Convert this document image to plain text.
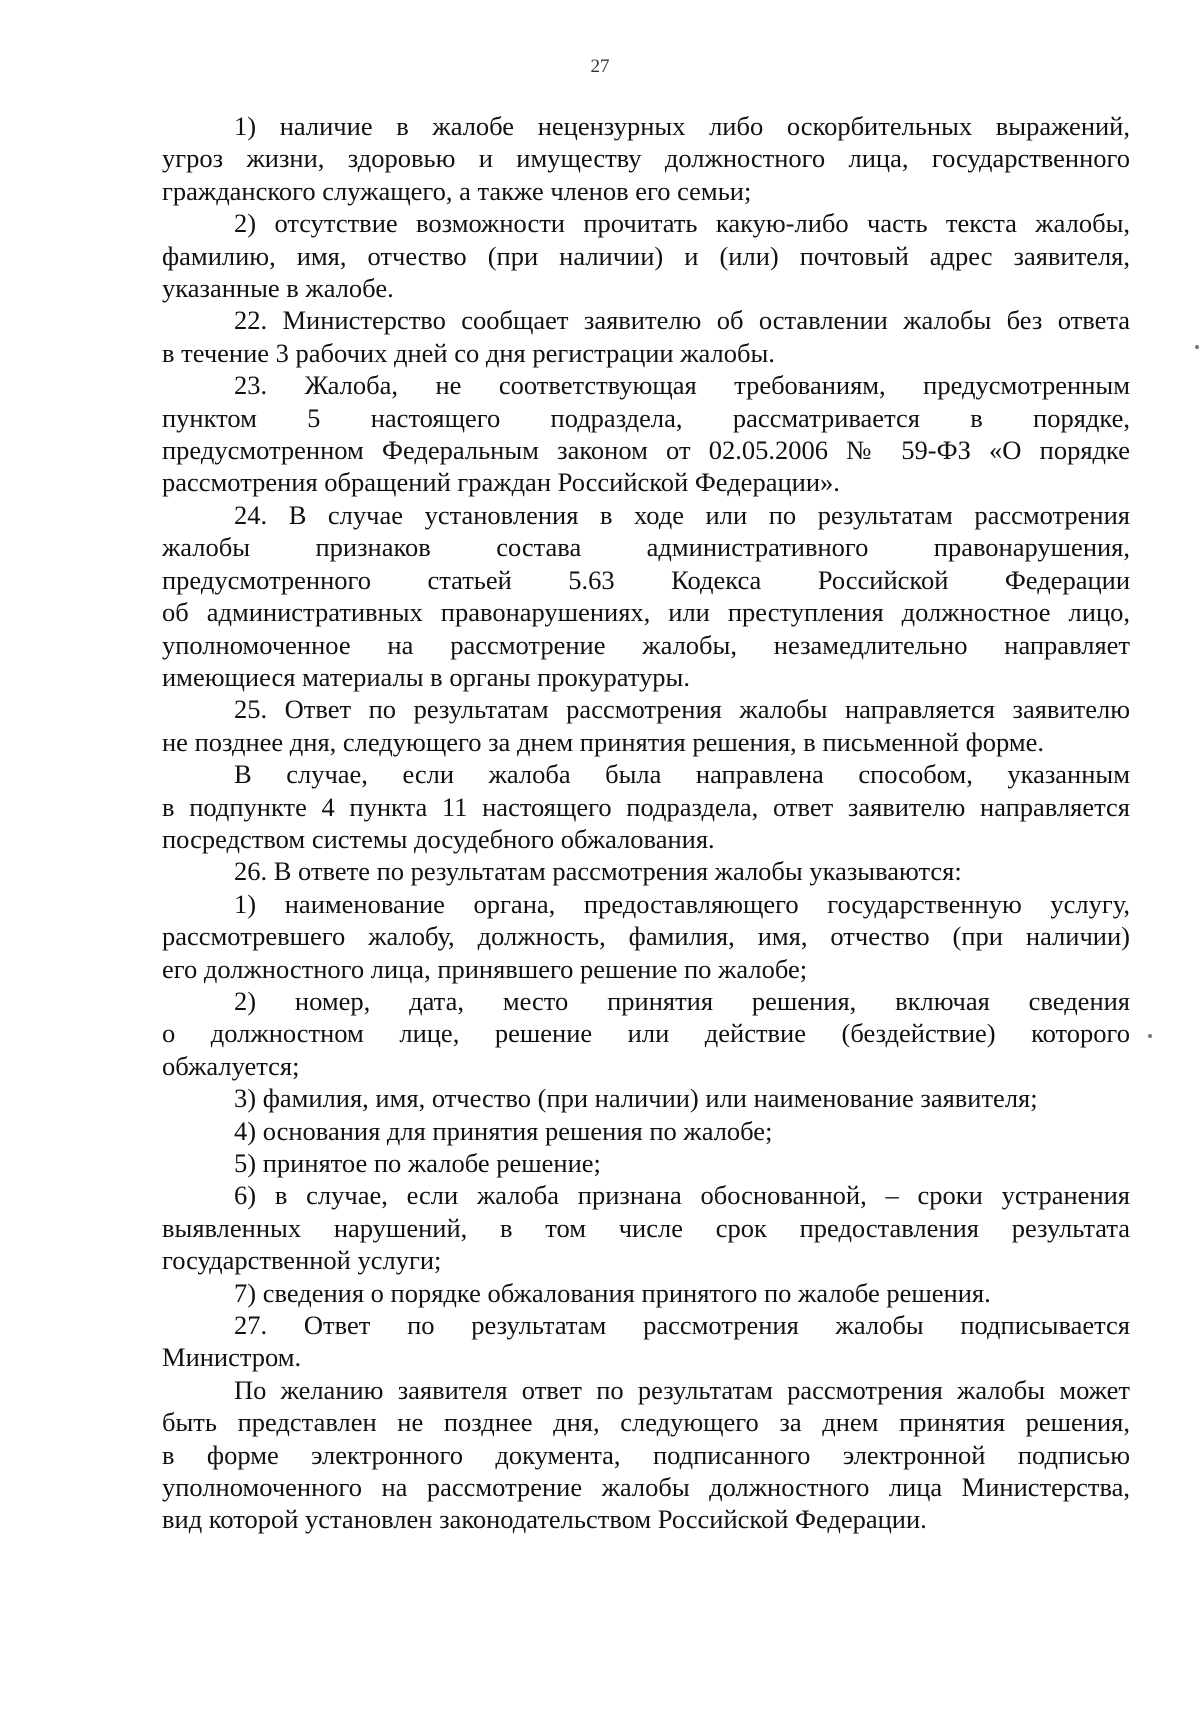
27
1) наличие в жалобе нецензурных либо оскорбительных выражений,
угроз жизни, здоровью и имуществу должностного лица, государственного
гражданского служащего, а также членов его семьи;
2) отсутствие возможности прочитать какую-либо часть текста жалобы,
фамилию, имя, отчество (при наличии) и (или) почтовый адрес заявителя,
указанные в жалобе.
22. Министерство сообщает заявителю об оставлении жалобы без ответа
в течение 3 рабочих дней со дня регистрации жалобы.
23. Жалоба, не соответствующая требованиям, предусмотренным
пунктом 5 настоящего подраздела, рассматривается в порядке,
предусмотренном Федеральным законом от 02.05.2006 № 59-ФЗ «О порядке
рассмотрения обращений граждан Российской Федерации».
24. В случае установления в ходе или по результатам рассмотрения
жалобы признаков состава административного правонарушения,
предусмотренного статьей 5.63 Кодекса Российской Федерации
об административных правонарушениях, или преступления должностное лицо,
уполномоченное на рассмотрение жалобы, незамедлительно направляет
имеющиеся материалы в органы прокуратуры.
25. Ответ по результатам рассмотрения жалобы направляется заявителю
не позднее дня, следующего за днем принятия решения, в письменной форме.
В случае, если жалоба была направлена способом, указанным
в подпункте 4 пункта 11 настоящего подраздела, ответ заявителю направляется
посредством системы досудебного обжалования.
26. В ответе по результатам рассмотрения жалобы указываются:
1) наименование органа, предоставляющего государственную услугу,
рассмотревшего жалобу, должность, фамилия, имя, отчество (при наличии)
его должностного лица, принявшего решение по жалобе;
2) номер, дата, место принятия решения, включая сведения
о должностном лице, решение или действие (бездействие) которого
обжалуется;
3) фамилия, имя, отчество (при наличии) или наименование заявителя;
4) основания для принятия решения по жалобе;
5) принятое по жалобе решение;
6) в случае, если жалоба признана обоснованной, – сроки устранения
выявленных нарушений, в том числе срок предоставления результата
государственной услуги;
7) сведения о порядке обжалования принятого по жалобе решения.
27. Ответ по результатам рассмотрения жалобы подписывается
Министром.
По желанию заявителя ответ по результатам рассмотрения жалобы может
быть представлен не позднее дня, следующего за днем принятия решения,
в форме электронного документа, подписанного электронной подписью
уполномоченного на рассмотрение жалобы должностного лица Министерства,
вид которой установлен законодательством Российской Федерации.
